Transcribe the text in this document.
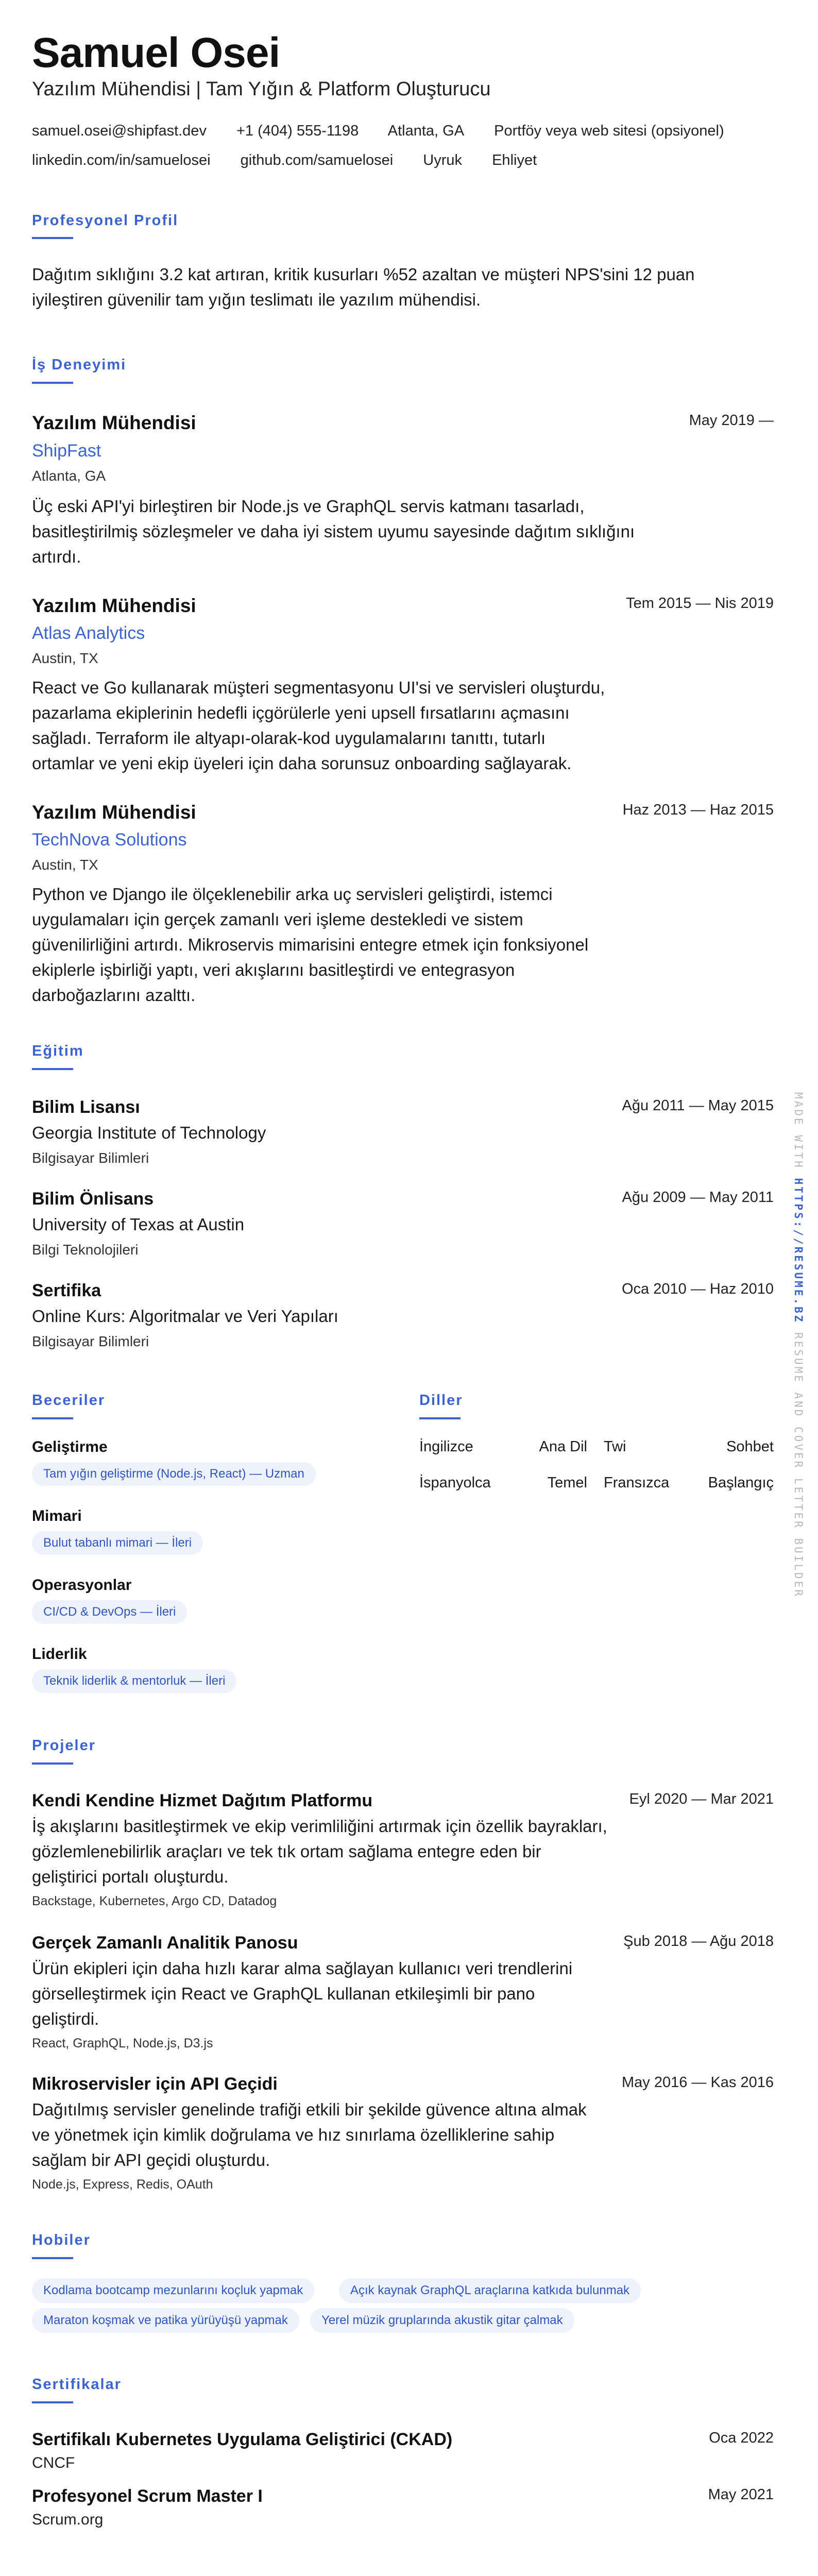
Samuel Osei
Yazılım Mühendisi | Tam Yığın & Platform Oluşturucu
samuel.osei@shipfast.dev +1 (404) 555-1198 Atlanta, GA Portföy veya web sitesi (opsiyonel)
linkedin.com/in/samuelosei github.com/samuelosei Uyruk Ehliyet
Profesyonel Profil
Dağıtım sıklığını 3.2 kat artıran, kritik kusurları %52 azaltan ve müşteri NPS'sini 12 puan
iyileştiren güvenilir tam yığın teslimatı ile yazılım mühendisi.
İş Deneyimi
Yazılım Mühendisi	May 2019 —
ShipFast
Atlanta, GA
Üç eski API'yi birleştiren bir Node.js ve GraphQL servis katmanı tasarladı,
basitleştirilmiş sözleşmeler ve daha iyi sistem uyumu sayesinde dağıtım sıklığını
artırdı.
Yazılım Mühendisi	Tem 2015 — Nis 2019
Atlas Analytics
Austin, TX
React ve Go kullanarak müşteri segmentasyonu UI'si ve servisleri oluşturdu,
pazarlama ekiplerinin hedefli içgörülerle yeni upsell fırsatlarını açmasını
sağladı. Terraform ile altyapı-olarak-kod uygulamalarını tanıttı, tutarlı
ortamlar ve yeni ekip üyeleri için daha sorunsuz onboarding sağlayarak.
Yazılım Mühendisi	Haz 2013 — Haz 2015
TechNova Solutions
Austin, TX
Python ve Django ile ölçeklenebilir arka uç servisleri geliştirdi, istemci
uygulamaları için gerçek zamanlı veri işleme destekledi ve sistem
güvenilirliğini artırdı. Mikroservis mimarisini entegre etmek için fonksiyonel
ekiplerle işbirliği yaptı, veri akışlarını basitleştirdi ve entegrasyon
darboğazlarını azalttı.
Eğitim
Bilim Lisansı	Ağu 2011 — May 2015
Georgia Institute of Technology
Bilgisayar Bilimleri
Bilim Önlisans	Ağu 2009 — May 2011
University of Texas at Austin
Bilgi Teknolojileri
Sertifika	Oca 2010 — Haz 2010
Online Kurs: Algoritmalar ve Veri Yapıları
Bilgisayar Bilimleri
Beceriler
Geliştirme
Tam yığın geliştirme (Node.js, React) — Uzman
Mimari
Bulut tabanlı mimari — İleri
Operasyonlar
CI/CD & DevOps — İleri
Liderlik
Teknik liderlik & mentorluk — İleri
Diller
İngilizce	Ana Dil Twi	Sohbet
İspanyolca	Temel Fransızca	Başlangıç
Projeler
Kendi Kendine Hizmet Dağıtım Platformu	Eyl 2020 — Mar 2021
İş akışlarını basitleştirmek ve ekip verimliliğini artırmak için özellik bayrakları,
gözlemlenebilirlik araçları ve tek tık ortam sağlama entegre eden bir
geliştirici portalı oluşturdu.
Backstage, Kubernetes, Argo CD, Datadog
Gerçek Zamanlı Analitik Panosu	Şub 2018 — Ağu 2018
Ürün ekipleri için daha hızlı karar alma sağlayan kullanıcı veri trendlerini
görselleştirmek için React ve GraphQL kullanan etkileşimli bir pano
geliştirdi.
React, GraphQL, Node.js, D3.js
Mikroservisler için API Geçidi	May 2016 — Kas 2016
Dağıtılmış servisler genelinde trafiği etkili bir şekilde güvence altına almak
ve yönetmek için kimlik doğrulama ve hız sınırlama özelliklerine sahip
sağlam bir API geçidi oluşturdu.
Node.js, Express, Redis, OAuth
Hobiler
Kodlama bootcamp mezunlarını koçluk yapmak	Açık kaynak GraphQL araçlarına katkıda bulunmak
Maraton koşmak ve patika yürüyüşü yapmak	Yerel müzik gruplarında akustik gitar çalmak
Sertifikalar
Sertifikalı Kubernetes Uygulama Geliştirici (CKAD)	Oca 2022
CNCF
Profesyonel Scrum Master I	May 2021
Scrum.org
MADE WITH HTTPS://RESUME.BZ RESUME AND COVER LETTER BUILDER
